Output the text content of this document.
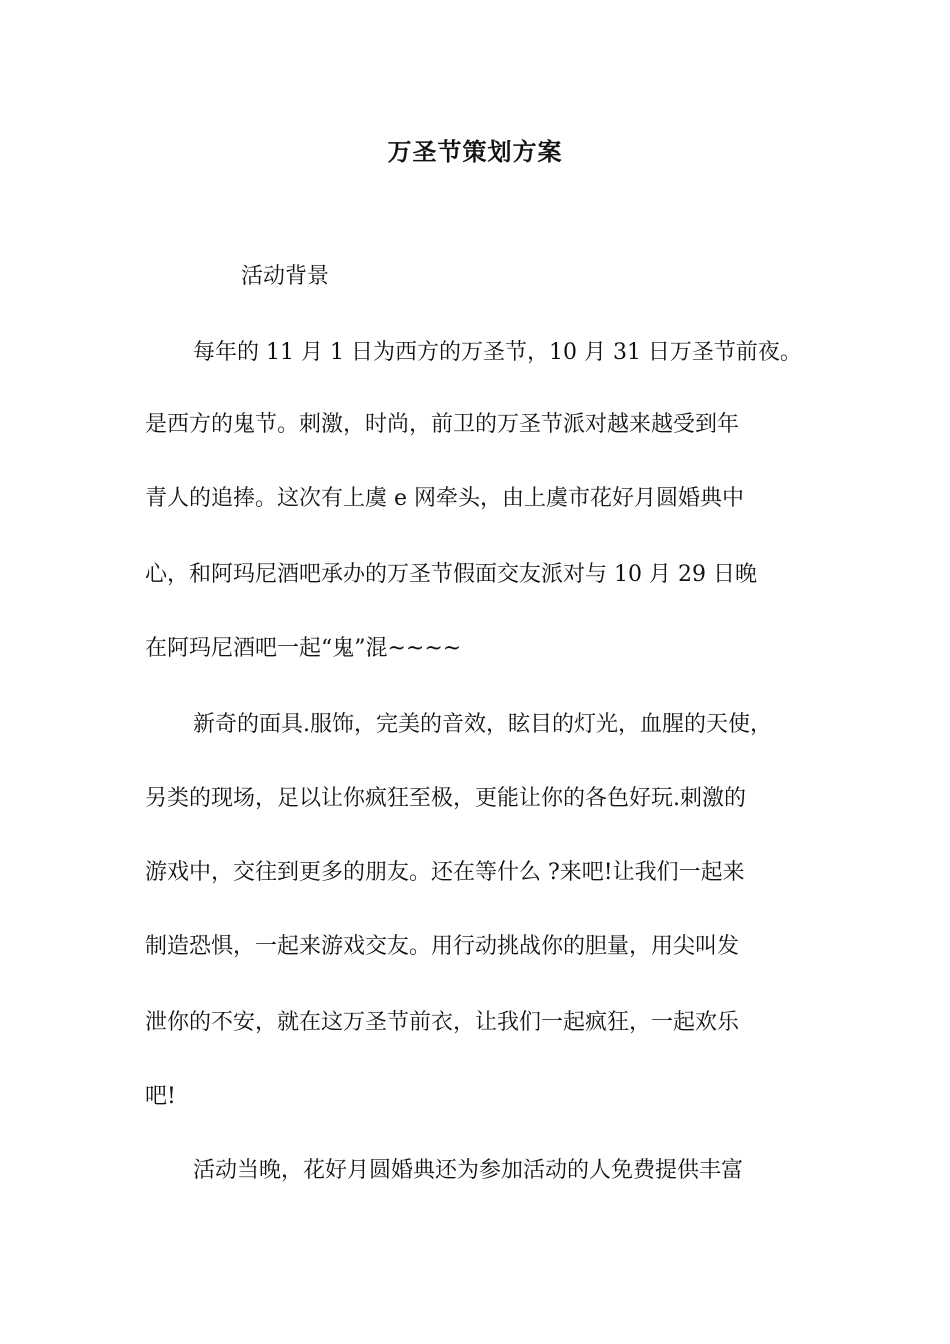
万圣节策划方案
活动背景
每年的 11 月 1 日为西方的万圣节，10 月 31 日万圣节前夜。
是西方的鬼节。刺激，时尚，前卫的万圣节派对越来越受到年
青人的追捧。这次有上虞 e 网牵头，由上虞市花好月圆婚典中
心，和阿玛尼酒吧承办的万圣节假面交友派对与 10 月 29 日晚
在阿玛尼酒吧一起“鬼”混~~~~
新奇的面具.服饰，完美的音效，眩目的灯光，血腥的天使，
另类的现场，足以让你疯狂至极，更能让你的各色好玩.刺激的
游戏中，交往到更多的朋友。还在等什么 ?来吧!让我们一起来
制造恐惧，一起来游戏交友。用行动挑战你的胆量，用尖叫发
泄你的不安，就在这万圣节前衣，让我们一起疯狂，一起欢乐
吧!
活动当晚，花好月圆婚典还为参加活动的人免费提供丰富
